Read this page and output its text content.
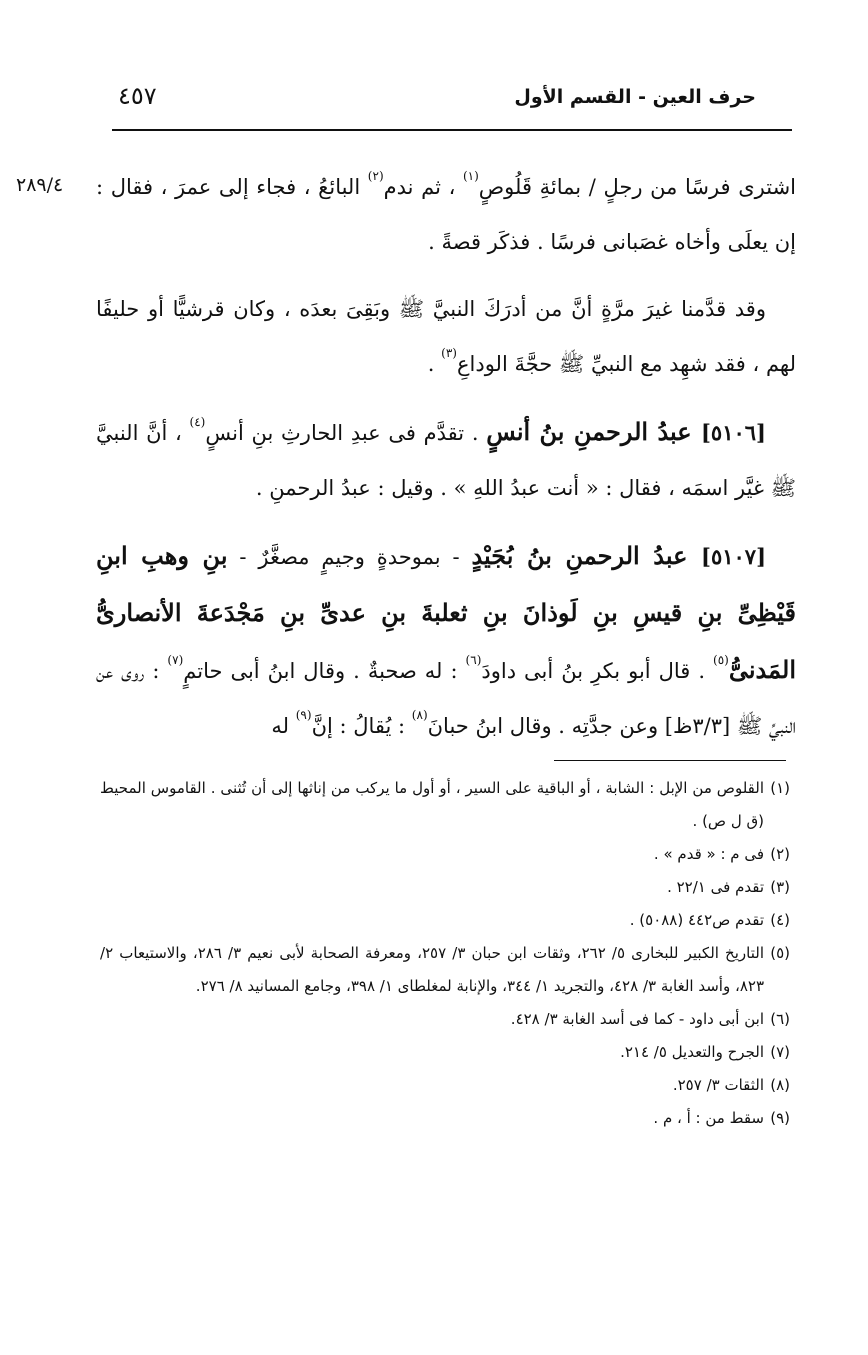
حرف العين - القسم الأول
٤٥٧
٢٨٩/٤	اشترى فرسًا من رجلٍ / بمائةِ قَلُوصٍ$^{(١)}$ ، ثم ندم$^{(٢)}$ البائعُ ، فجاء إلى عمرَ ، فقال : إن يعلَى وأخاه غصَبانى فرسًا . فذكَر قصةً .

وقد قدَّمنا غيرَ مرَّةٍ أنَّ من أدرَكَ النبيَّ ﷺ وبَقِىَ بعدَه ، وكان قرشيًّا أو حليفًا لهم ، فقد شهِد مع النبيِّ ﷺ حجَّةَ الوداعِ$^{(٣)}$ .

[٥١٠٦] عبدُ الرحمنِ بنُ أنسٍ . تقدَّم فى عبدِ الحارثِ بنِ أنسٍ$^{(٤)}$ ، أنَّ النبيَّ ﷺ غيَّر اسمَه ، فقال : « أنت عبدُ اللهِ » . وقيل : عبدُ الرحمنِ .

[٥١٠٧] عبدُ الرحمنِ بنُ بُجَيْدٍ - بموحدةٍ وجيمٍ مصغَّرٌ - بنِ وهبِ ابنِ قَيْظِىِّ بنِ قيسِ بنِ لَوذانَ بنِ ثعلبةَ بنِ عدىِّ بنِ مَجْدَعةَ الأنصارىُّ المَدنىُّ$^{(٥)}$ . قال أبو بكرِ بنُ أبى داودَ$^{(٦)}$ : له صحبةٌ . وقال ابنُ أبى حاتمٍ$^{(٧)}$ : روى عن النبيِّ ﷺ [٣/٣ظ] وعن جدَّتِه . وقال ابنُ حبانَ$^{(٨)}$ : يُقالُ : إنَّ$^{(٩)}$ له

(١)القلوص من الإبل : الشابة ، أو الباقية على السير ، أو أول ما يركب من إناثها إلى أن تُثنى . القاموس المحيط (ق ل ص) .

(٢)فى م : « قدم » .

(٣)تقدم فى ٢٢/١ .

(٤)تقدم ص٤٤٢ (٥٠٨٨) .

(٥)التاريخ الكبير للبخارى ٥/ ٢٦٢، وثقات ابن حبان ٣/ ٢٥٧، ومعرفة الصحابة لأبى نعيم ٣/ ٢٨٦، والاستيعاب ٢/ ٨٢٣، وأسد الغابة ٣/ ٤٢٨، والتجريد ١/ ٣٤٤، والإنابة لمغلطاى ١/ ٣٩٨، وجامع المسانيد ٨/ ٢٧٦.

(٦)ابن أبى داود - كما فى أسد الغابة ٣/ ٤٢٨.

(٧)الجرح والتعديل ٥/ ٢١٤.

(٨)الثقات ٣/ ٢٥٧.

(٩)سقط من : أ ، م .
